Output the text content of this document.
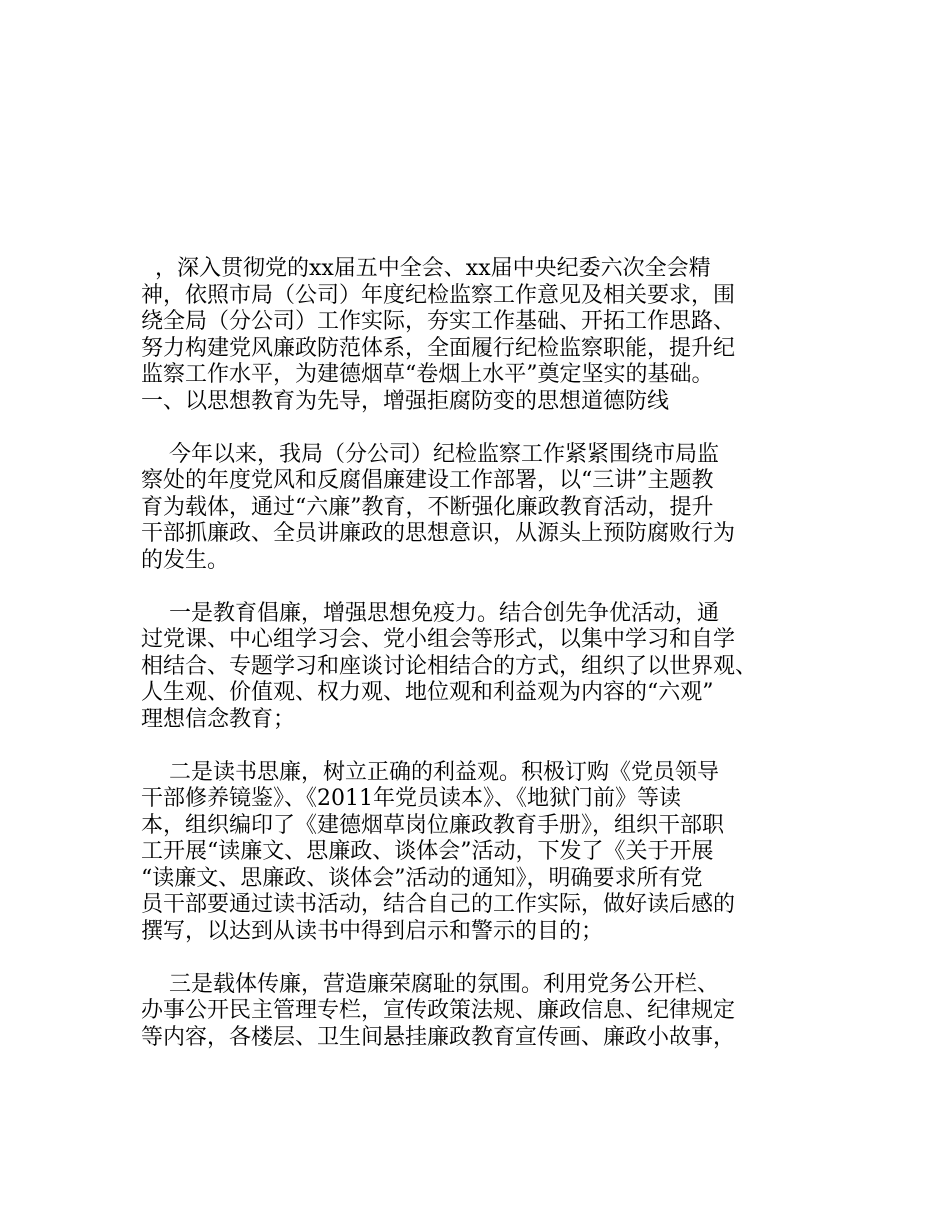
，深入贯彻党的xx届五中全会、xx届中央纪委六次全会精
神，依照市局（公司）年度纪检监察工作意见及相关要求，围
绕全局（分公司）工作实际，夯实工作基础、开拓工作思路、
努力构建党风廉政防范体系，全面履行纪检监察职能，提升纪
监察工作水平，为建德烟草“卷烟上水平”奠定坚实的基础。
一、以思想教育为先导，增强拒腐防变的思想道德防线
今年以来，我局（分公司）纪检监察工作紧紧围绕市局监
察处的年度党风和反腐倡廉建设工作部署，以“三讲”主题教
育为载体，通过“六廉”教育，不断强化廉政教育活动，提升
干部抓廉政、全员讲廉政的思想意识，从源头上预防腐败行为
的发生。
一是教育倡廉，增强思想免疫力。结合创先争优活动，通
过党课、中心组学习会、党小组会等形式，以集中学习和自学
相结合、专题学习和座谈讨论相结合的方式，组织了以世界观、
人生观、价值观、权力观、地位观和利益观为内容的“六观”
理想信念教育；
二是读书思廉，树立正确的利益观。积极订购《党员领导
干部修养镜鉴》、《2011年党员读本》、《地狱门前》等读
本，组织编印了《建德烟草岗位廉政教育手册》，组织干部职
工开展“读廉文、思廉政、谈体会”活动，下发了《关于开展
“读廉文、思廉政、谈体会”活动的通知》，明确要求所有党
员干部要通过读书活动，结合自己的工作实际，做好读后感的
撰写，以达到从读书中得到启示和警示的目的；
三是载体传廉，营造廉荣腐耻的氛围。利用党务公开栏、
办事公开民主管理专栏，宣传政策法规、廉政信息、纪律规定
等内容，各楼层、卫生间悬挂廉政教育宣传画、廉政小故事，
